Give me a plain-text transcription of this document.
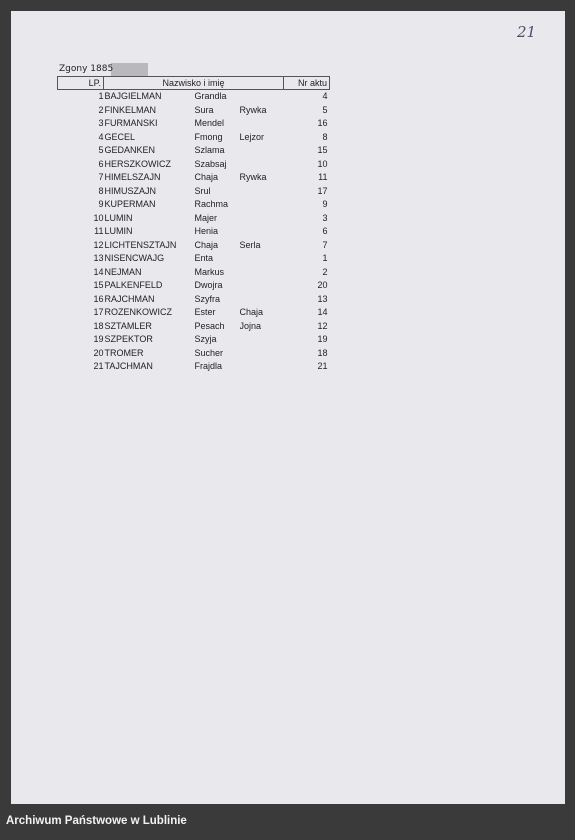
21
Zgony 1885
LP.	Nazwisko i imię			Nr aktu
1	BAJGIELMAN	Grandla		4
2	FINKELMAN	Sura	Rywka	5
3	FURMANSKI	Mendel		16
4	GECEL	Fmong	Lejzor	8
5	GEDANKEN	Szlama		15
6	HERSZKOWICZ	Szabsaj		10
7	HIMELSZAJN	Chaja	Rywka	11
8	HIMUSZAJN	Srul		17
9	KUPERMAN	Rachma		9
10	LUMIN	Majer		3
11	LUMIN	Henia		6
12	LICHTENSZTAJN	Chaja	Serla	7
13	NISENCWAJG	Enta		1
14	NEJMAN	Markus		2
15	PALKENFELD	Dwojra		20
16	RAJCHMAN	Szyfra		13
17	ROZENKOWICZ	Ester	Chaja	14
18	SZTAMLER	Pesach	Jojna	12
19	SZPEKTOR	Szyja		19
20	TROMER	Sucher		18
21	TAJCHMAN	Frajdla		21
Archiwum Państwowe w Lublinie
